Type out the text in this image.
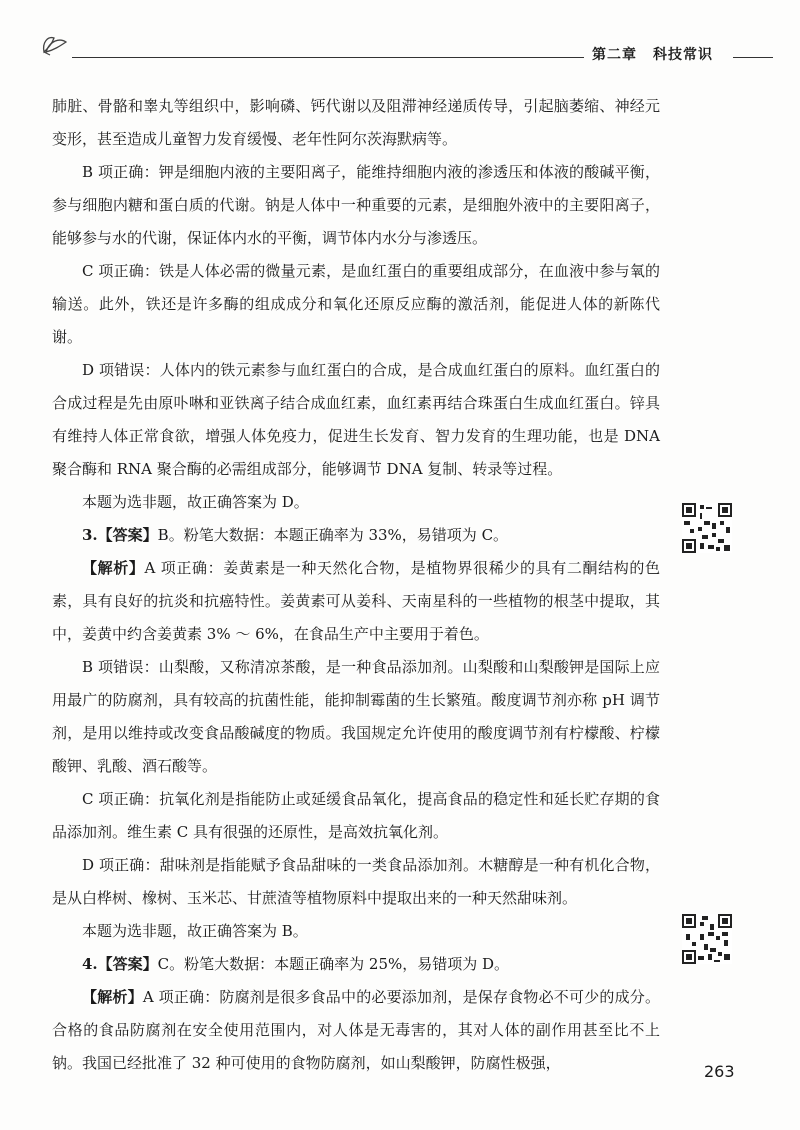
第二章 科技常识

肺脏、骨骼和睾丸等组织中，影响磷、钙代谢以及阻滞神经递质传导，引起脑萎缩、神经元变形，甚至造成儿童智力发育缓慢、老年性阿尔茨海默病等。

B 项正确：钾是细胞内液的主要阳离子，能维持细胞内液的渗透压和体液的酸碱平衡，参与细胞内糖和蛋白质的代谢。钠是人体中一种重要的元素，是细胞外液中的主要阳离子，能够参与水的代谢，保证体内水的平衡，调节体内水分与渗透压。

C 项正确：铁是人体必需的微量元素，是血红蛋白的重要组成部分，在血液中参与氧的输送。此外，铁还是许多酶的组成成分和氧化还原反应酶的激活剂，能促进人体的新陈代谢。

D 项错误：人体内的铁元素参与血红蛋白的合成，是合成血红蛋白的原料。血红蛋白的合成过程是先由原卟啉和亚铁离子结合成血红素，血红素再结合珠蛋白生成血红蛋白。锌具有维持人体正常食欲，增强人体免疫力，促进生长发育、智力发育的生理功能，也是 DNA 聚合酶和 RNA 聚合酶的必需组成部分，能够调节 DNA 复制、转录等过程。

本题为选非题，故正确答案为 D。

3.【答案】B。粉笔大数据：本题正确率为 33%，易错项为 C。

【解析】A 项正确：姜黄素是一种天然化合物，是植物界很稀少的具有二酮结构的色素，具有良好的抗炎和抗癌特性。姜黄素可从姜科、天南星科的一些植物的根茎中提取，其中，姜黄中约含姜黄素 3% ～ 6%，在食品生产中主要用于着色。

B 项错误：山梨酸，又称清凉茶酸，是一种食品添加剂。山梨酸和山梨酸钾是国际上应用最广的防腐剂，具有较高的抗菌性能，能抑制霉菌的生长繁殖。酸度调节剂亦称 pH 调节剂，是用以维持或改变食品酸碱度的物质。我国规定允许使用的酸度调节剂有柠檬酸、柠檬酸钾、乳酸、酒石酸等。

C 项正确：抗氧化剂是指能防止或延缓食品氧化，提高食品的稳定性和延长贮存期的食品添加剂。维生素 C 具有很强的还原性，是高效抗氧化剂。

D 项正确：甜味剂是指能赋予食品甜味的一类食品添加剂。木糖醇是一种有机化合物，是从白桦树、橡树、玉米芯、甘蔗渣等植物原料中提取出来的一种天然甜味剂。

本题为选非题，故正确答案为 B。

4.【答案】C。粉笔大数据：本题正确率为 25%，易错项为 D。

【解析】A 项正确：防腐剂是很多食品中的必要添加剂，是保存食物必不可少的成分。合格的食品防腐剂在安全使用范围内，对人体是无毒害的，其对人体的副作用甚至比不上钠。我国已经批准了 32 种可使用的食物防腐剂，如山梨酸钾，防腐性极强，	263
